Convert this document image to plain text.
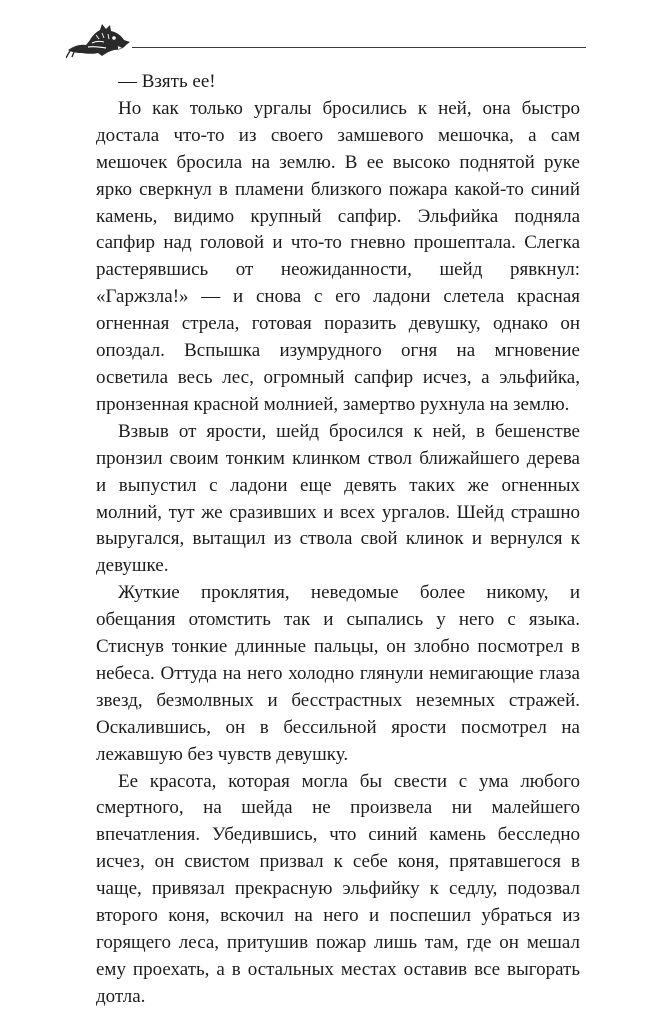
— Взять ее!

Но как только ургалы бросились к ней, она быстро достала что-то из своего замшевого мешочка, а сам мешочек бросила на землю. В ее высоко поднятой руке ярко сверкнул в пламени близкого пожара какой-то синий камень, видимо крупный сапфир. Эльфийка подняла сапфир над головой и что-то гневно прошептала. Слегка растерявшись от неожиданности, шейд рявкнул: «Гаржзла!» — и снова с его ладони слетела красная огненная стрела, готовая поразить девушку, однако он опоздал. Вспышка изумрудного огня на мгновение осветила весь лес, огромный сапфир исчез, а эльфийка, пронзенная красной молнией, замертво рухнула на землю.

Взвыв от ярости, шейд бросился к ней, в бешенстве пронзил своим тонким клинком ствол ближайшего дерева и выпустил с ладони еще девять таких же огненных молний, тут же сразивших и всех ургалов. Шейд страшно выругался, вытащил из ствола свой клинок и вернулся к девушке.

Жуткие проклятия, неведомые более никому, и обещания отомстить так и сыпались у него с языка. Стиснув тонкие длинные пальцы, он злобно посмотрел в небеса. Оттуда на него холодно глянули немигающие глаза звезд, безмолвных и бесстрастных неземных стражей. Оскалившись, он в бессильной ярости посмотрел на лежавшую без чувств девушку.

Ее красота, которая могла бы свести с ума любого смертного, на шейда не произвела ни малейшего впечатления. Убедившись, что синий камень бесследно исчез, он свистом призвал к себе коня, прятавшегося в чаще, привязал прекрасную эльфийку к седлу, подозвал второго коня, вскочил на него и поспешил убраться из горящего леса, притушив пожар лишь там, где он мешал ему проехать, а в остальных местах оставив все выгорать дотла.
